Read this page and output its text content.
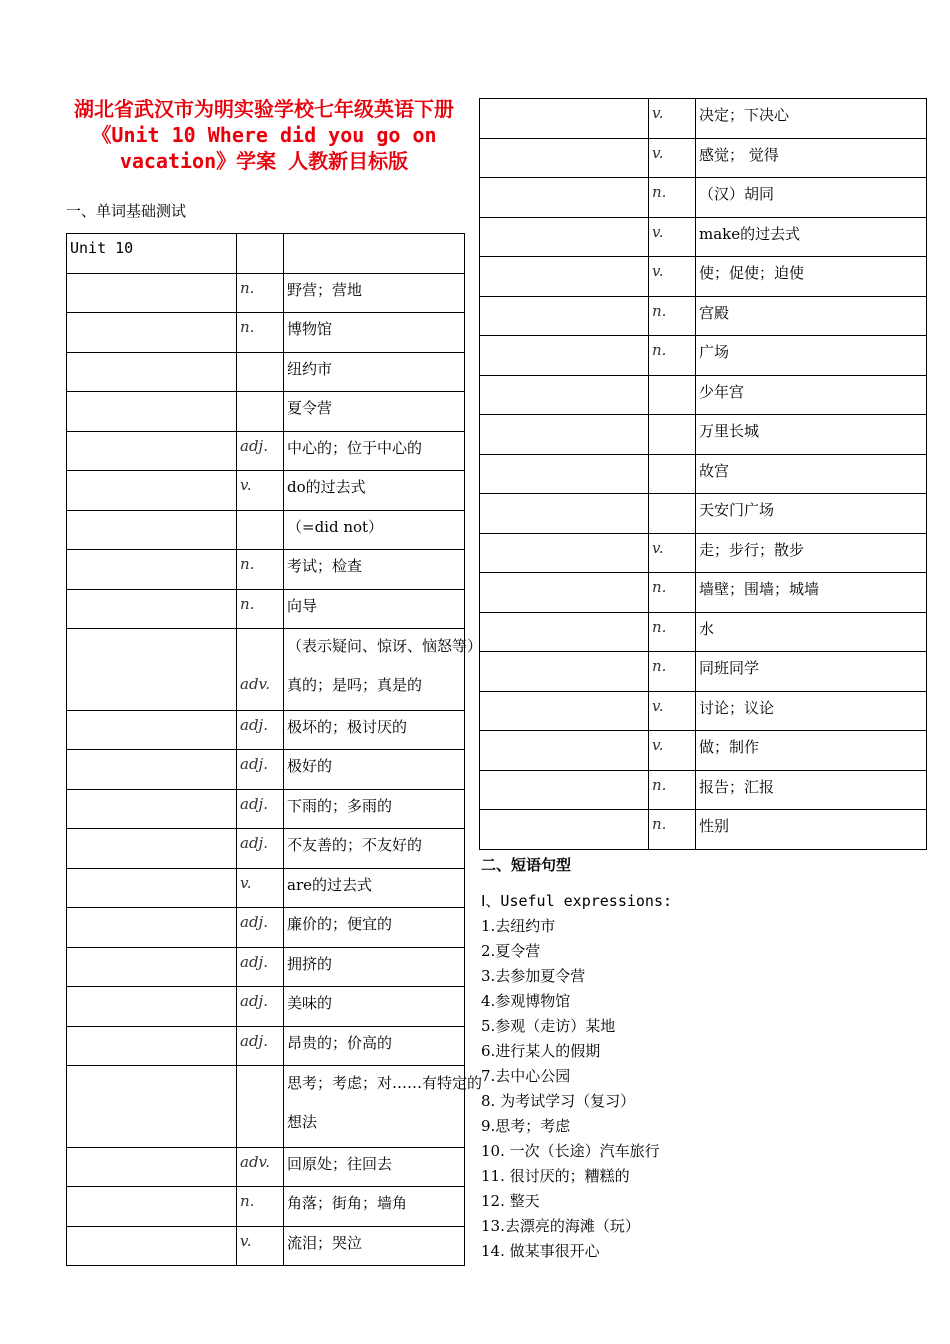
湖北省武汉市为明实验学校七年级英语下册《Unit 10 Where did you go on vacation》学案 人教新目标版
一、单词基础测试
Unit 10		

	n.	野营；营地

	n.	博物馆

		纽约市

		夏令营

	adj.	中心的；位于中心的

	v.	do的过去式

		（=did not）

	n.	考试；检查

	n.	向导

	adv.	（表示疑问、惊讶、恼怒等）
真的；是吗；真是的

	adj.	极坏的；极讨厌的

	adj.	极好的

	adj.	下雨的；多雨的

	adj.	不友善的；不友好的

	v.	are的过去式

	adj.	廉价的；便宜的

	adj.	拥挤的

	adj.	美味的

	adj.	昂贵的；价高的

		思考；考虑；对……有特定的
想法

	adv.	回原处；往回去

	n.	角落；街角；墙角

	v.	流泪；哭泣

	v.	决定；下决心

	v.	感觉； 觉得

	n.	（汉）胡同

	v.	make的过去式

	v.	使；促使；迫使

	n.	宫殿

	n.	广场

		少年宫

		万里长城

		故宫

		天安门广场

	v.	走；步行；散步

	n.	墙壁；围墙；城墙

	n.	水

	n.	同班同学

	v.	讨论；议论

	v.	做；制作

	n.	报告；汇报

	n.	性别
二、短语句型
Ⅰ、Useful expressions:
1.去纽约市
2.夏令营
3.去参加夏令营
4.参观博物馆
5.参观（走访）某地
6.进行某人的假期
7.去中心公园
8. 为考试学习（复习）
9.思考；考虑
10. 一次（长途）汽车旅行
11. 很讨厌的；糟糕的
12. 整天
13.去漂亮的海滩（玩）
14. 做某事很开心
